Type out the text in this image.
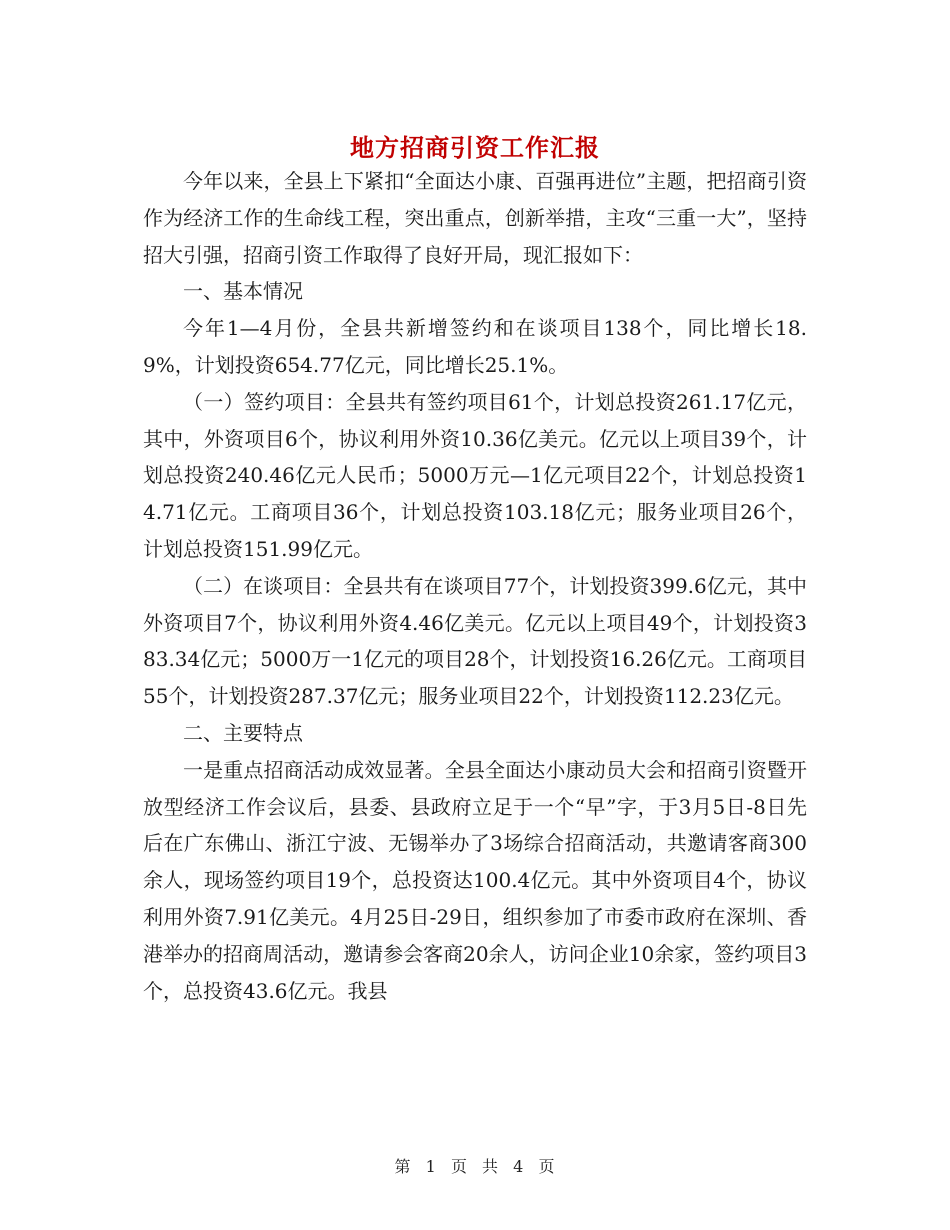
地方招商引资工作汇报

今年以来，全县上下紧扣“全面达小康、百强再进位”主题，把招商引资作为经济工作的生命线工程，突出重点，创新举措，主攻“三重一大”，坚持招大引强，招商引资工作取得了良好开局，现汇报如下：

一、基本情况

今年1—4月份，全县共新增签约和在谈项目138个，同比增长18.9%，计划投资654.77亿元，同比增长25.1%。

（一）签约项目：全县共有签约项目61个，计划总投资261.17亿元，其中，外资项目6个，协议利用外资10.36亿美元。亿元以上项目39个，计划总投资240.46亿元人民币；5000万元—1亿元项目22个，计划总投资14.71亿元。工商项目36个，计划总投资103.18亿元；服务业项目26个，计划总投资151.99亿元。

（二）在谈项目：全县共有在谈项目77个，计划投资399.6亿元，其中外资项目7个，协议利用外资4.46亿美元。亿元以上项目49个，计划投资383.34亿元；5000万一1亿元的项目28个，计划投资16.26亿元。工商项目55个，计划投资287.37亿元；服务业项目22个，计划投资112.23亿元。

二、主要特点

一是重点招商活动成效显著。全县全面达小康动员大会和招商引资暨开放型经济工作会议后，县委、县政府立足于一个“早”字，于3月5日-8日先后在广东佛山、浙江宁波、无锡举办了3场综合招商活动，共邀请客商300余人，现场签约项目19个，总投资达100.4亿元。其中外资项目4个，协议利用外资7.91亿美元。4月25日-29日，组织参加了市委市政府在深圳、香港举办的招商周活动，邀请参会客商20余人，访问企业10余家，签约项目3个，总投资43.6亿元。我县

第 1 页 共 4 页
